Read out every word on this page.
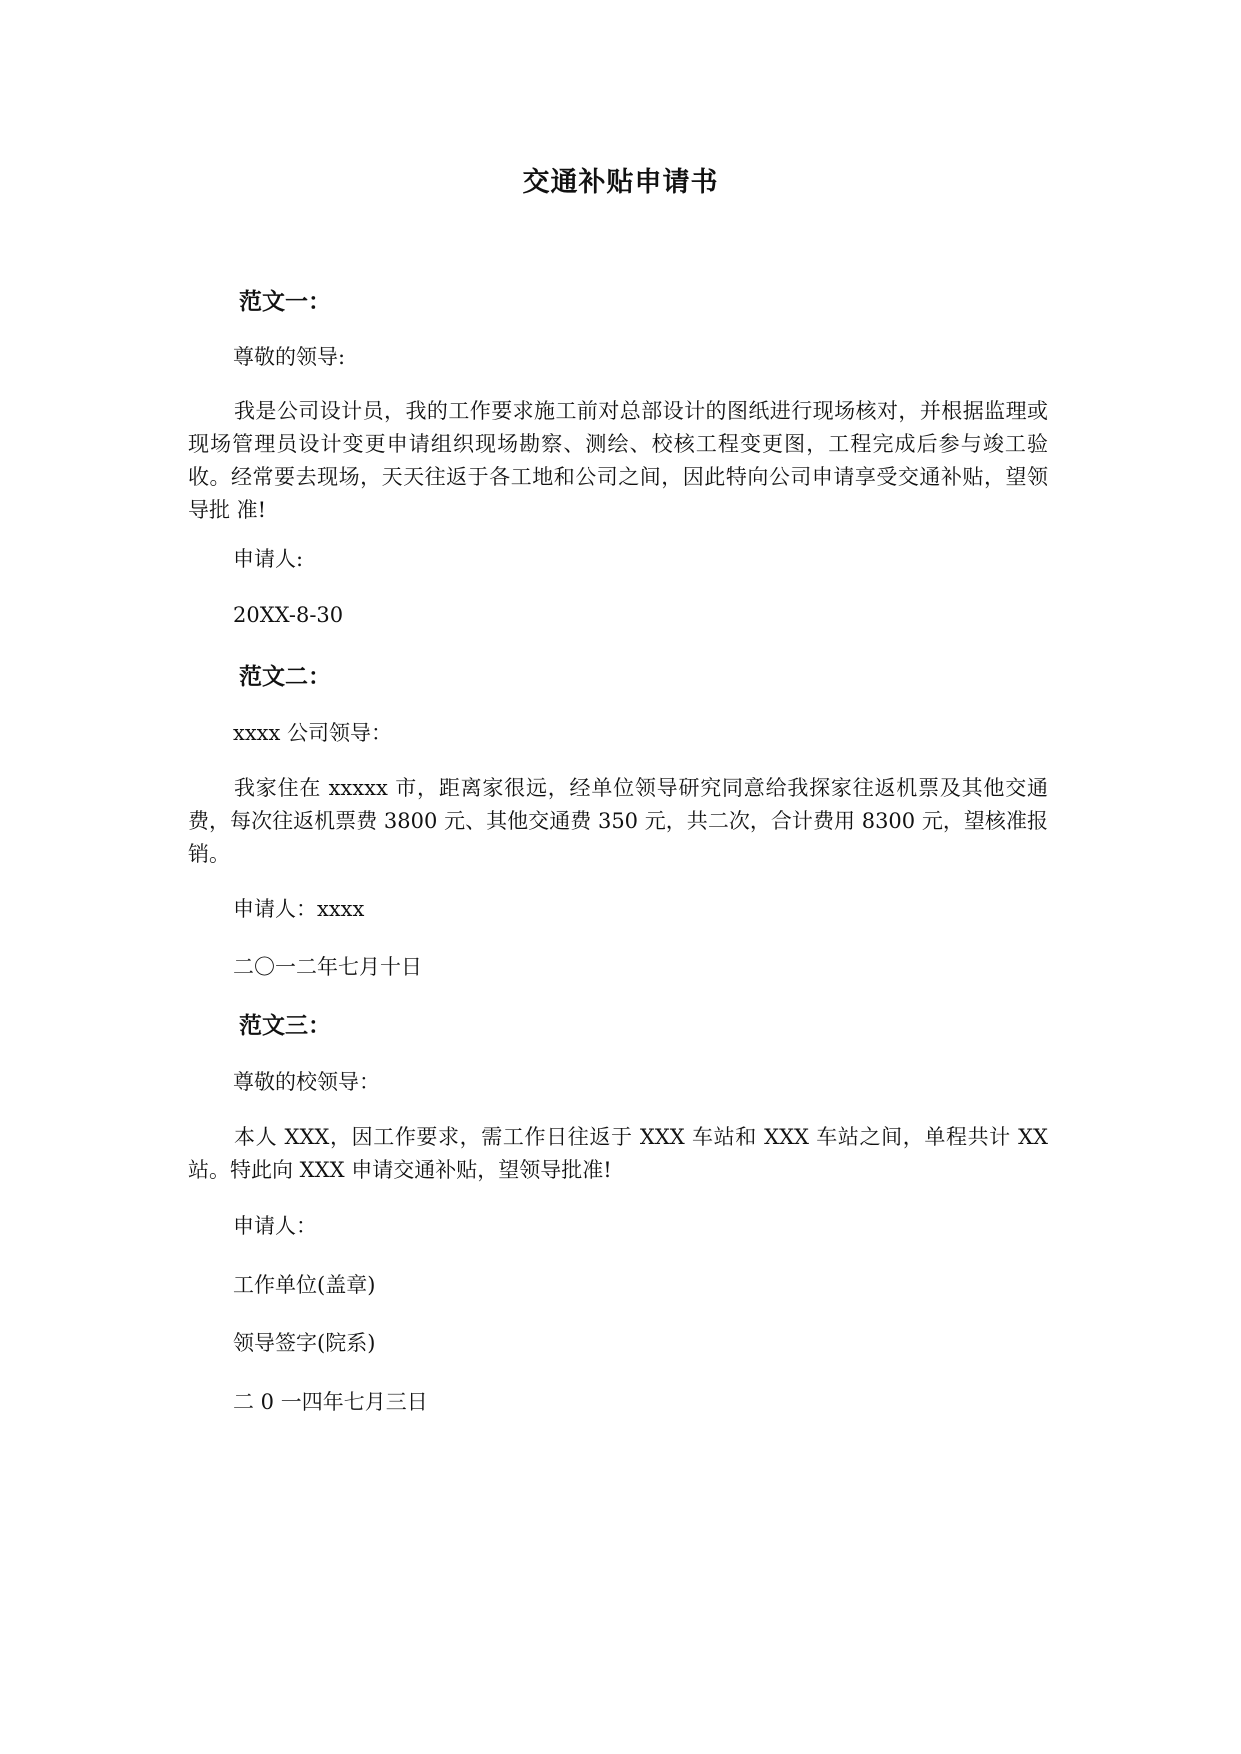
交通补贴申请书
范文一：
尊敬的领导:
我是公司设计员，我的工作要求施工前对总部设计的图纸进行现场核对，并根据监理或现场管理员设计变更申请组织现场勘察、测绘、校核工程变更图，工程完成后参与竣工验收。经常要去现场，天天往返于各工地和公司之间，因此特向公司申请享受交通补贴，望领导批 准!
申请人:
20XX-8-30
范文二：
xxxx 公司领导：
我家住在 xxxxx 市，距离家很远，经单位领导研究同意给我探家往返机票及其他交通费，每次往返机票费 3800 元、其他交通费 350 元，共二次，合计费用 8300 元，望核准报销。
申请人：xxxx
二〇一二年七月十日
范文三：
尊敬的校领导：
本人 XXX，因工作要求，需工作日往返于 XXX 车站和 XXX 车站之间，单程共计 XX 站。特此向 XXX 申请交通补贴，望领导批准!
申请人：
工作单位(盖章)
领导签字(院系)
二 0 一四年七月三日
